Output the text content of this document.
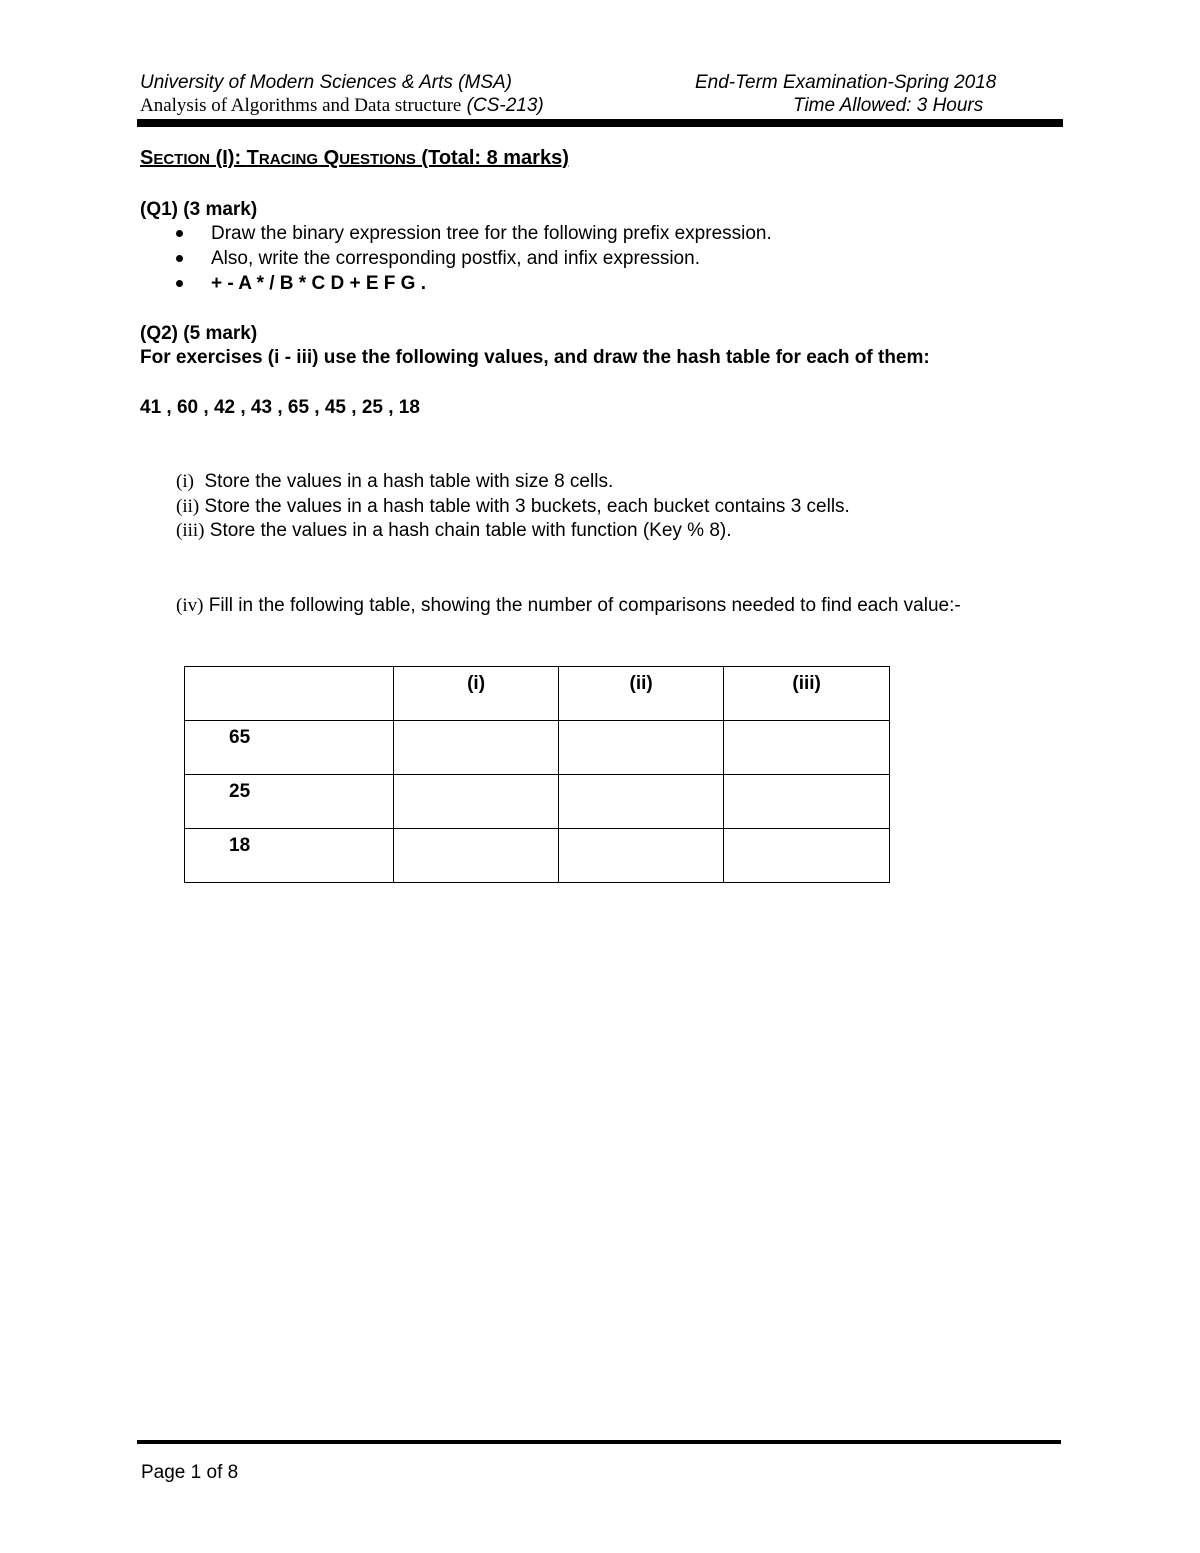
University of Modern Sciences & Arts (MSA)	End-Term Examination-Spring 2018
Analysis of Algorithms and Data structure (CS-213)	Time Allowed: 3 Hours
SECTION (I): TRACING QUESTIONS (Total: 8 marks)
(Q1) (3 mark)
Draw the binary expression tree for the following prefix expression.
Also, write the corresponding postfix, and infix expression.
+ - A * / B * C D + E F G .
(Q2) (5 mark)
For exercises (i - iii) use the following values, and draw the hash table for each of them:
41 , 60 , 42 , 43 , 65 , 45 , 25 , 18
(i) Store the values in a hash table with size 8 cells.
(ii) Store the values in a hash table with 3 buckets, each bucket contains 3 cells.
(iii) Store the values in a hash chain table with function (Key % 8).
(iv) Fill in the following table, showing the number of comparisons needed to find each value:-
	(i)	(ii)	(iii)
65			
25			
18			
Page 1 of 8
